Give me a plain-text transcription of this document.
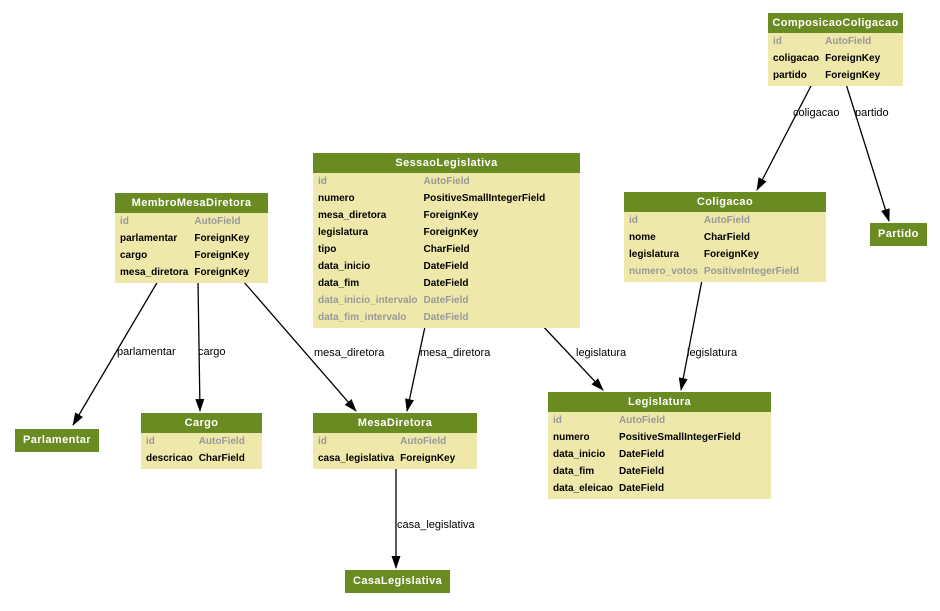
ComposicaoColigacao
id	AutoField
coligacao ForeignKey
partido	ForeignKey
SessaoLegislativa
id	AutoField
numero	PositiveSmallIntegerField
mesa_diretora	ForeignKey
legislatura	ForeignKey
tipo	CharField
data_inicio	DateField
data_fim	DateField
data_inicio_intervalo DateField
data_fim_intervalo	DateField
MembroMesaDiretora
id	AutoField
parlamentar	ForeignKey
cargo	ForeignKey
mesa_diretora ForeignKey
Coligacao
id	AutoField
nome	CharField
legislatura	ForeignKey
numero_votos PositiveIntegerField
Partido
Parlamentar
Cargo
id	AutoField
descricao CharField
MesaDiretora
id	AutoField
casa_legislativa ForeignKey
Legislatura
id	AutoField
numero	PositiveSmallIntegerField
data_inicio	DateField
data_fim	DateField
data_eleicao DateField
CasaLegislativa
coligacao partido
parlamentar cargo	mesa_diretora	mesa_diretora	legislatura	legislatura
casa_legislativa
